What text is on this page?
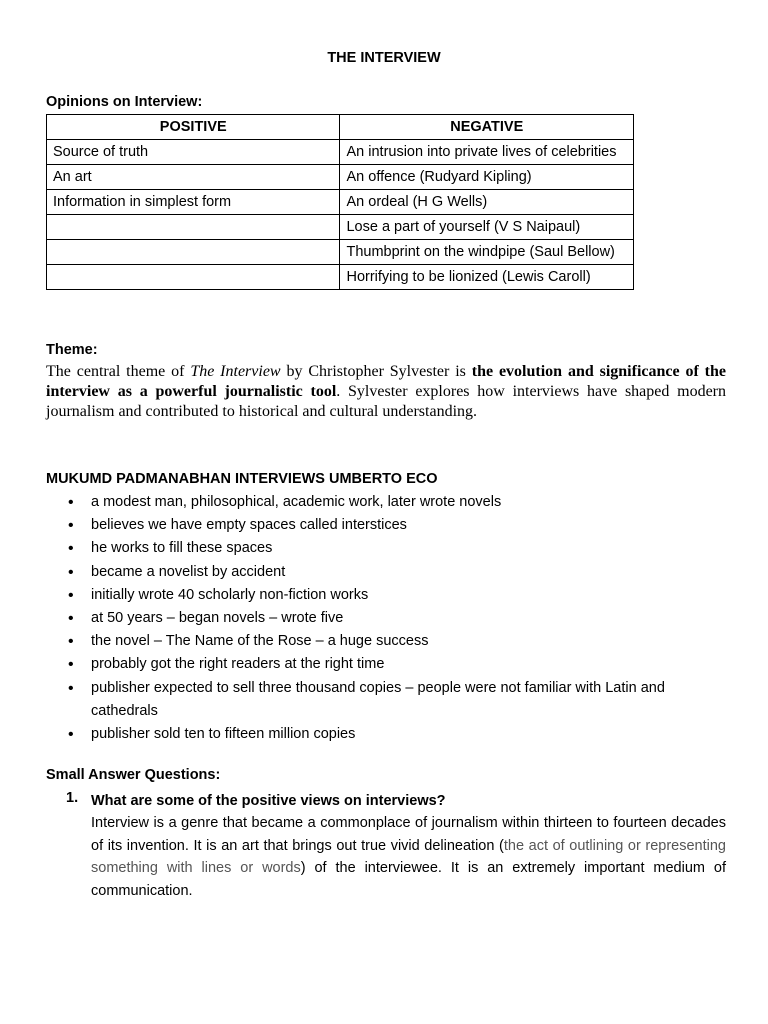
THE INTERVIEW
Opinions on Interview:
POSITIVE	NEGATIVE
Source of truth	An intrusion into private lives of celebrities
An art	An offence (Rudyard Kipling)
Information in simplest form	An ordeal (H G Wells)
	Lose a part of yourself (V S Naipaul)
	Thumbprint on the windpipe (Saul Bellow)
	Horrifying to be lionized (Lewis Caroll)
Theme:
The central theme of The Interview by Christopher Sylvester is the evolution and significance of the interview as a powerful journalistic tool. Sylvester explores how interviews have shaped modern journalism and contributed to historical and cultural understanding.
MUKUMD PADMANABHAN INTERVIEWS UMBERTO ECO
• a modest man, philosophical, academic work, later wrote novels
• believes we have empty spaces called interstices
• he works to fill these spaces
• became a novelist by accident
• initially wrote 40 scholarly non-fiction works
• at 50 years – began novels – wrote five
• the novel – The Name of the Rose – a huge success
• probably got the right readers at the right time
• publisher expected to sell three thousand copies – people were not familiar with Latin and cathedrals
• publisher sold ten to fifteen million copies
Small Answer Questions:
1. What are some of the positive views on interviews?
Interview is a genre that became a commonplace of journalism within thirteen to fourteen decades of its invention. It is an art that brings out true vivid delineation (the act of outlining or representing something with lines or words) of the interviewee. It is an extremely important medium of communication.
